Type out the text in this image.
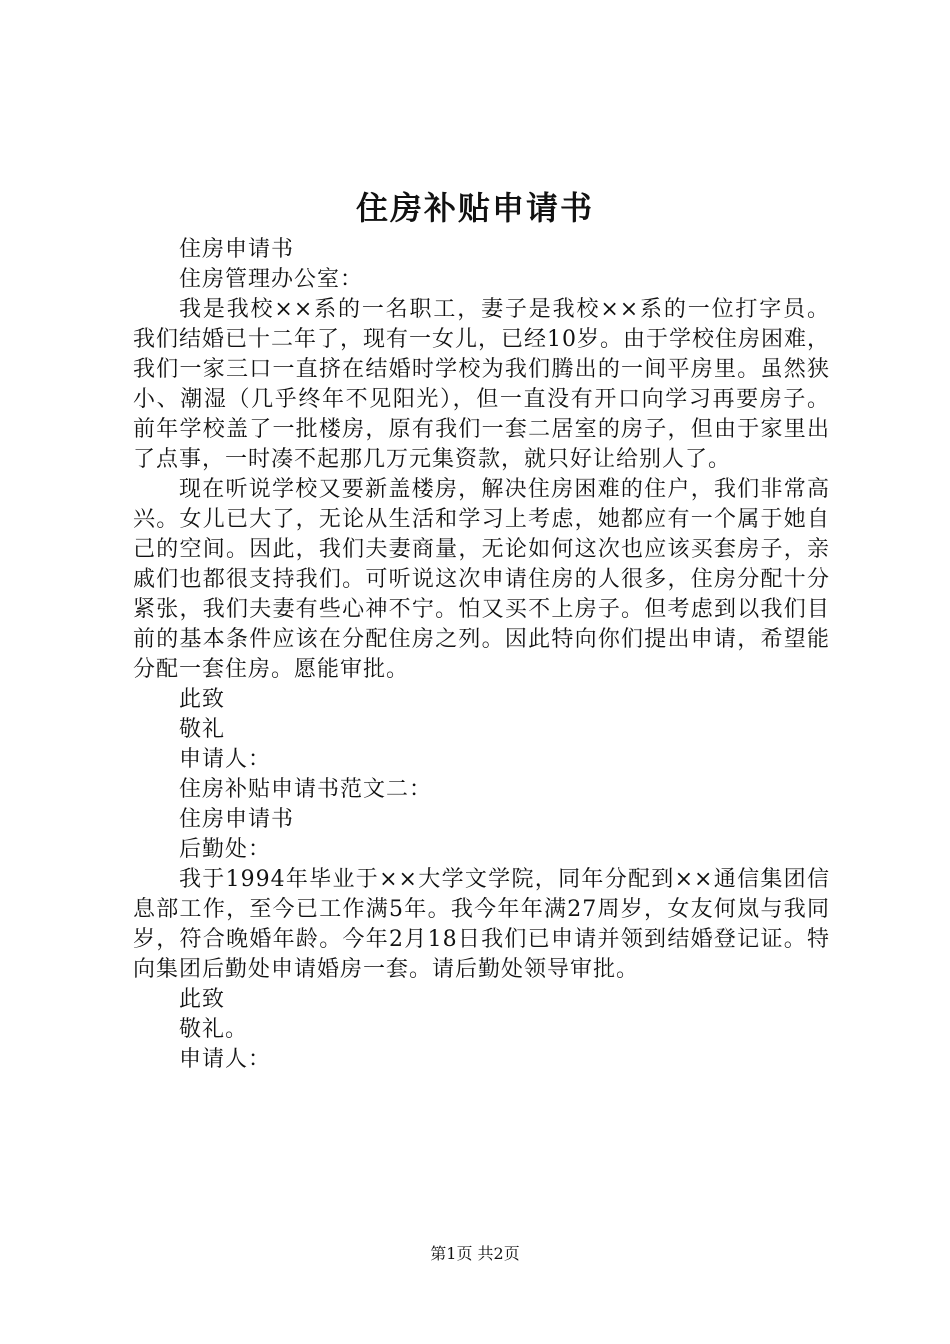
住房补贴申请书

住房申请书

住房管理办公室：

我是我校××系的一名职工，妻子是我校××系的一位打字员。我们结婚已十二年了，现有一女儿，已经10岁。由于学校住房困难，我们一家三口一直挤在结婚时学校为我们腾出的一间平房里。虽然狭小、潮湿（几乎终年不见阳光），但一直没有开口向学习再要房子。前年学校盖了一批楼房，原有我们一套二居室的房子，但由于家里出了点事，一时凑不起那几万元集资款，就只好让给别人了。

现在听说学校又要新盖楼房，解决住房困难的住户，我们非常高兴。女儿已大了，无论从生活和学习上考虑，她都应有一个属于她自己的空间。因此，我们夫妻商量，无论如何这次也应该买套房子，亲戚们也都很支持我们。可听说这次申请住房的人很多，住房分配十分紧张，我们夫妻有些心神不宁。怕又买不上房子。但考虑到以我们目前的基本条件应该在分配住房之列。因此特向你们提出申请，希望能分配一套住房。愿能审批。

此致

敬礼

申请人：

住房补贴申请书范文二：

住房申请书

后勤处：

我于1994年毕业于××大学文学院，同年分配到××通信集团信息部工作，至今已工作满5年。我今年年满27周岁，女友何岚与我同岁，符合晚婚年龄。今年2月18日我们已申请并领到结婚登记证。特向集团后勤处申请婚房一套。请后勤处领导审批。

此致

敬礼。

申请人：

第1页 共2页
